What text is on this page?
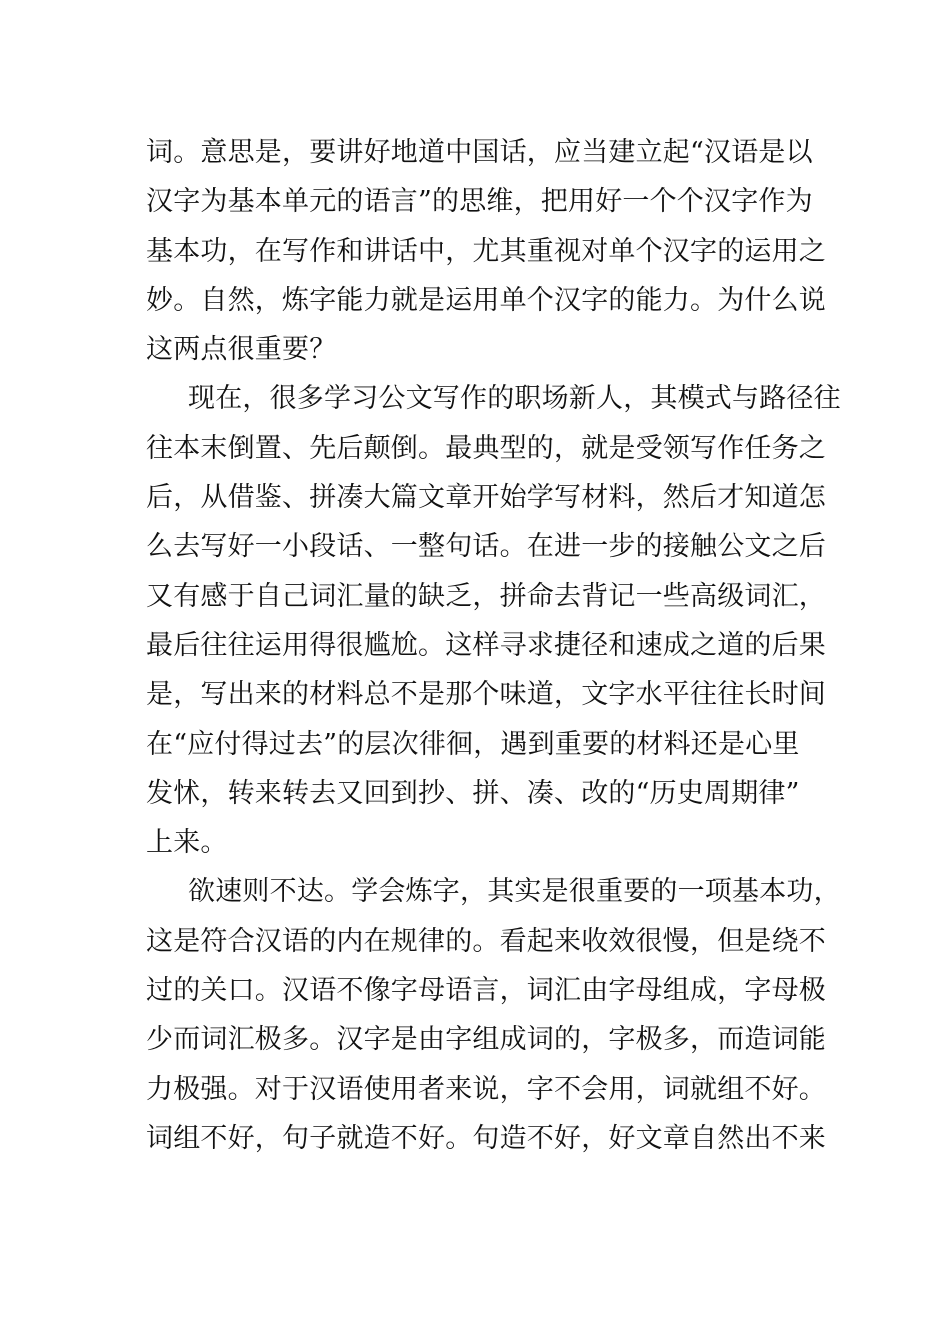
词。意思是，要讲好地道中国话，应当建立起“汉语是以
汉字为基本单元的语言”的思维，把用好一个个汉字作为
基本功，在写作和讲话中，尤其重视对单个汉字的运用之
妙。自然，炼字能力就是运用单个汉字的能力。为什么说
这两点很重要？
现在，很多学习公文写作的职场新人，其模式与路径往
往本末倒置、先后颠倒。最典型的，就是受领写作任务之
后，从借鉴、拼凑大篇文章开始学写材料，然后才知道怎
么去写好一小段话、一整句话。在进一步的接触公文之后
又有感于自己词汇量的缺乏，拼命去背记一些高级词汇，
最后往往运用得很尴尬。这样寻求捷径和速成之道的后果
是，写出来的材料总不是那个味道，文字水平往往长时间
在“应付得过去”的层次徘徊，遇到重要的材料还是心里
发怵，转来转去又回到抄、拼、凑、改的“历史周期律”
上来。
欲速则不达。学会炼字，其实是很重要的一项基本功，
这是符合汉语的内在规律的。看起来收效很慢，但是绕不
过的关口。汉语不像字母语言，词汇由字母组成，字母极
少而词汇极多。汉字是由字组成词的，字极多，而造词能
力极强。对于汉语使用者来说，字不会用，词就组不好。
词组不好，句子就造不好。句造不好，好文章自然出不来
